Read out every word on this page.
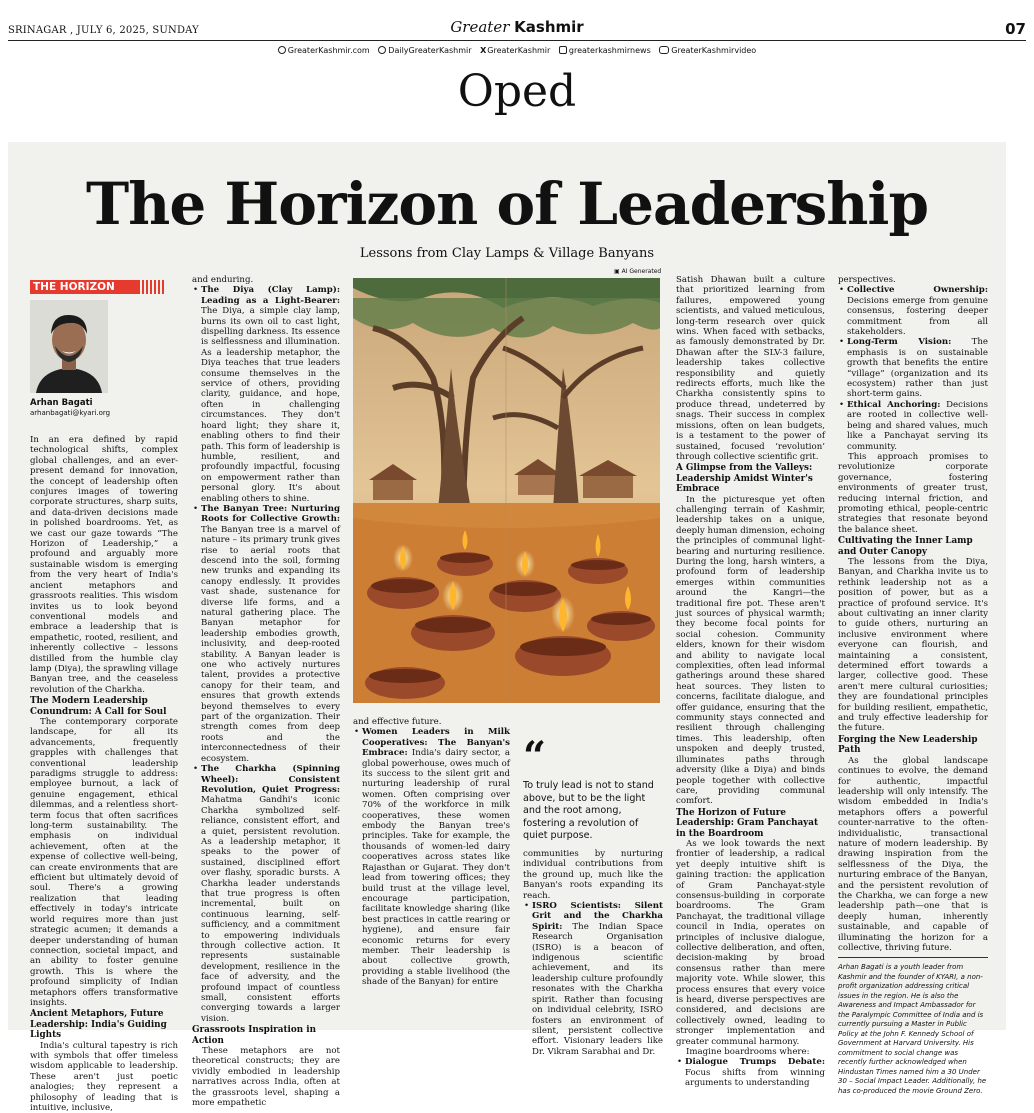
SRINAGAR , JULY 6, 2025, SUNDAY	Greater Kashmir	07
GreaterKashmir.com DailyGreaterKashmir XGreaterKashmir greaterkashmirnews	GreaterKashmirvideo
Oped
The Horizon of Leadership
Lessons from Clay Lamps & Village Banyans
THE HORIZON
Arhan Bagati
arhanbagati@kyari.org

In an era defined by rapid technological shifts, complex global challenges, and an ever-present demand for innovation, the concept of leadership often conjures images of towering corporate structures, sharp suits, and data-driven decisions made in polished boardrooms. Yet, as we cast our gaze towards “The Horizon of Leadership,” a profound and arguably more sustainable wisdom is emerging from the very heart of India's ancient metaphors and grassroots realities. This wisdom invites us to look beyond conventional models and embrace a leadership that is empathetic, rooted, resilient, and inherently collective – lessons distilled from the humble clay lamp (Diya), the sprawling village Banyan tree, and the ceaseless revolution of the Charkha.

The Modern Leadership Conundrum: A Call for Soul

The contemporary corporate landscape, for all its advancements, frequently grapples with challenges that conventional leadership paradigms struggle to address: employee burnout, a lack of genuine engagement, ethical dilemmas, and a relentless short-term focus that often sacrifices long-term sustainability. The emphasis on individual achievement, often at the expense of collective well-being, can create environments that are efficient but ultimately devoid of soul. There's a growing realization that leading effectively in today's intricate world requires more than just strategic acumen; it demands a deeper understanding of human connection, societal impact, and an ability to foster genuine growth. This is where the profound simplicity of Indian metaphors offers transformative insights.

Ancient Metaphors, Future Leadership: India's Guiding Lights

India's cultural tapestry is rich with symbols that offer timeless wisdom applicable to leadership. These aren't just poetic analogies; they represent a philosophy of leading that is intuitive, inclusive,

and enduring.

• The Diya (Clay Lamp): Leading as a Light-Bearer: The Diya, a simple clay lamp, burns its own oil to cast light, dispelling darkness. Its essence is selflessness and illumination. As a leadership metaphor, the Diya teaches that true leaders consume themselves in the service of others, providing clarity, guidance, and hope, often in challenging circumstances. They don't hoard light; they share it, enabling others to find their path. This form of leadership is humble, resilient, and profoundly impactful, focusing on empowerment rather than personal glory. It's about enabling others to shine.
• The Banyan Tree: Nurturing Roots for Collective Growth: The Banyan tree is a marvel of nature – its primary trunk gives rise to aerial roots that descend into the soil, forming new trunks and expanding its canopy endlessly. It provides vast shade, sustenance for diverse life forms, and a natural gathering place. The Banyan metaphor for leadership embodies growth, inclusivity, and deep-rooted stability. A Banyan leader is one who actively nurtures talent, provides a protective canopy for their team, and ensures that growth extends beyond themselves to every part of the organization. Their strength comes from deep roots and the interconnectedness of their ecosystem.
• The Charkha (Spinning Wheel): Consistent Revolution, Quiet Progress: Mahatma Gandhi's iconic Charkha symbolized self-reliance, consistent effort, and a quiet, persistent revolution. As a leadership metaphor, it speaks to the power of sustained, disciplined effort over flashy, sporadic bursts. A Charkha leader understands that true progress is often incremental, built on continuous learning, self-sufficiency, and a commitment to empowering individuals through collective action. It represents sustainable development, resilience in the face of adversity, and the profound impact of countless small, consistent efforts converging towards a larger vision.
Grassroots Inspiration in Action

These metaphors are not theoretical constructs; they are vividly embodied in leadership narratives across India, often at the grassroots level, shaping a more empathetic

▣ AI Generated

and effective future.

• Women Leaders in Milk Cooperatives: The Banyan's Embrace: India's dairy sector, a global powerhouse, owes much of its success to the silent grit and nurturing leadership of rural women. Often comprising over 70% of the workforce in milk cooperatives, these women embody the Banyan tree's principles. Take for example, the thousands of women-led dairy cooperatives across states like Rajasthan or Gujarat. They don't lead from towering offices; they build trust at the village level, encourage participation, facilitate knowledge sharing (like best practices in cattle rearing or hygiene), and ensure fair economic returns for every member. Their leadership is about collective growth, providing a stable livelihood (the shade of the Banyan) for entire
“
To truly lead is not to stand above, but to be the light and the root among, fostering a revolution of quiet purpose.

communities by nurturing individual contributions from the ground up, much like the Banyan's roots expanding its reach.

• ISRO Scientists: Silent Grit and the Charkha Spirit: The Indian Space Research Organisation (ISRO) is a beacon of indigenous scientific achievement, and its leadership culture profoundly resonates with the Charkha spirit. Rather than focusing on individual celebrity, ISRO fosters an environment of silent, persistent collective effort. Visionary leaders like Dr. Vikram Sarabhai and Dr.

Satish Dhawan built a culture that prioritized learning from failures, empowered young scientists, and valued meticulous, long-term research over quick wins. When faced with setbacks, as famously demonstrated by Dr. Dhawan after the SLV-3 failure, leadership takes collective responsibility and quietly redirects efforts, much like the Charkha consistently spins to produce thread, undeterred by snags. Their success in complex missions, often on lean budgets, is a testament to the power of sustained, focused ‘revolution’ through collective scientific grit.

A Glimpse from the Valleys: Leadership Amidst Winter's Embrace

In the picturesque yet often challenging terrain of Kashmir, leadership takes on a unique, deeply human dimension, echoing the principles of communal light-bearing and nurturing resilience. During the long, harsh winters, a profound form of leadership emerges within communities around the Kangri—the traditional fire pot. These aren't just sources of physical warmth; they become focal points for social cohesion. Community elders, known for their wisdom and ability to navigate local complexities, often lead informal gatherings around these shared heat sources. They listen to concerns, facilitate dialogue, and offer guidance, ensuring that the community stays connected and resilient through challenging times. This leadership, often unspoken and deeply trusted, illuminates paths through adversity (like a Diya) and binds people together with collective care, providing communal comfort.

The Horizon of Future Leadership: Gram Panchayat in the Boardroom

As we look towards the next frontier of leadership, a radical yet deeply intuitive shift is gaining traction: the application of Gram Panchayat-style consensus-building in corporate boardrooms. The Gram Panchayat, the traditional village council in India, operates on principles of inclusive dialogue, collective deliberation, and often, decision-making by broad consensus rather than mere majority vote. While slower, this process ensures that every voice is heard, diverse perspectives are considered, and decisions are collectively owned, leading to stronger implementation and greater communal harmony.

Imagine boardrooms where:

• Dialogue Trumps Debate: Focus shifts from winning arguments to understanding

perspectives.

• Collective Ownership: Decisions emerge from genuine consensus, fostering deeper commitment from all stakeholders.
• Long-Term Vision: The emphasis is on sustainable growth that benefits the entire “village” (organization and its ecosystem) rather than just short-term gains.
• Ethical Anchoring: Decisions are rooted in collective well-being and shared values, much like a Panchayat serving its community.

This approach promises to revolutionize corporate governance, fostering environments of greater trust, reducing internal friction, and promoting ethical, people-centric strategies that resonate beyond the balance sheet.

Cultivating the Inner Lamp and Outer Canopy

The lessons from the Diya, Banyan, and Charkha invite us to rethink leadership not as a position of power, but as a practice of profound service. It's about cultivating an inner clarity to guide others, nurturing an inclusive environment where everyone can flourish, and maintaining a consistent, determined effort towards a larger, collective good. These aren't mere cultural curiosities; they are foundational principles for building resilient, empathetic, and truly effective leadership for the future.

Forging the New Leadership Path

As the global landscape continues to evolve, the demand for authentic, impactful leadership will only intensify. The wisdom embedded in India's metaphors offers a powerful counter-narrative to the often-individualistic, transactional nature of modern leadership. By drawing inspiration from the selflessness of the Diya, the nurturing embrace of the Banyan, and the persistent revolution of the Charkha, we can forge a new leadership path—one that is deeply human, inherently sustainable, and capable of illuminating the horizon for a collective, thriving future.

Arhan Bagati is a youth leader from Kashmir and the founder of KYARI, a non-profit organization addressing critical issues in the region. He is also the Awareness and Impact Ambassador for the Paralympic Committee of India and is currently pursuing a Master in Public Policy at the John F. Kennedy School of Government at Harvard University. His commitment to social change was recently further acknowledged when Hindustan Times named him a 30 Under 30 – Social Impact Leader. Additionally, he has co-produced the movie Ground Zero.
